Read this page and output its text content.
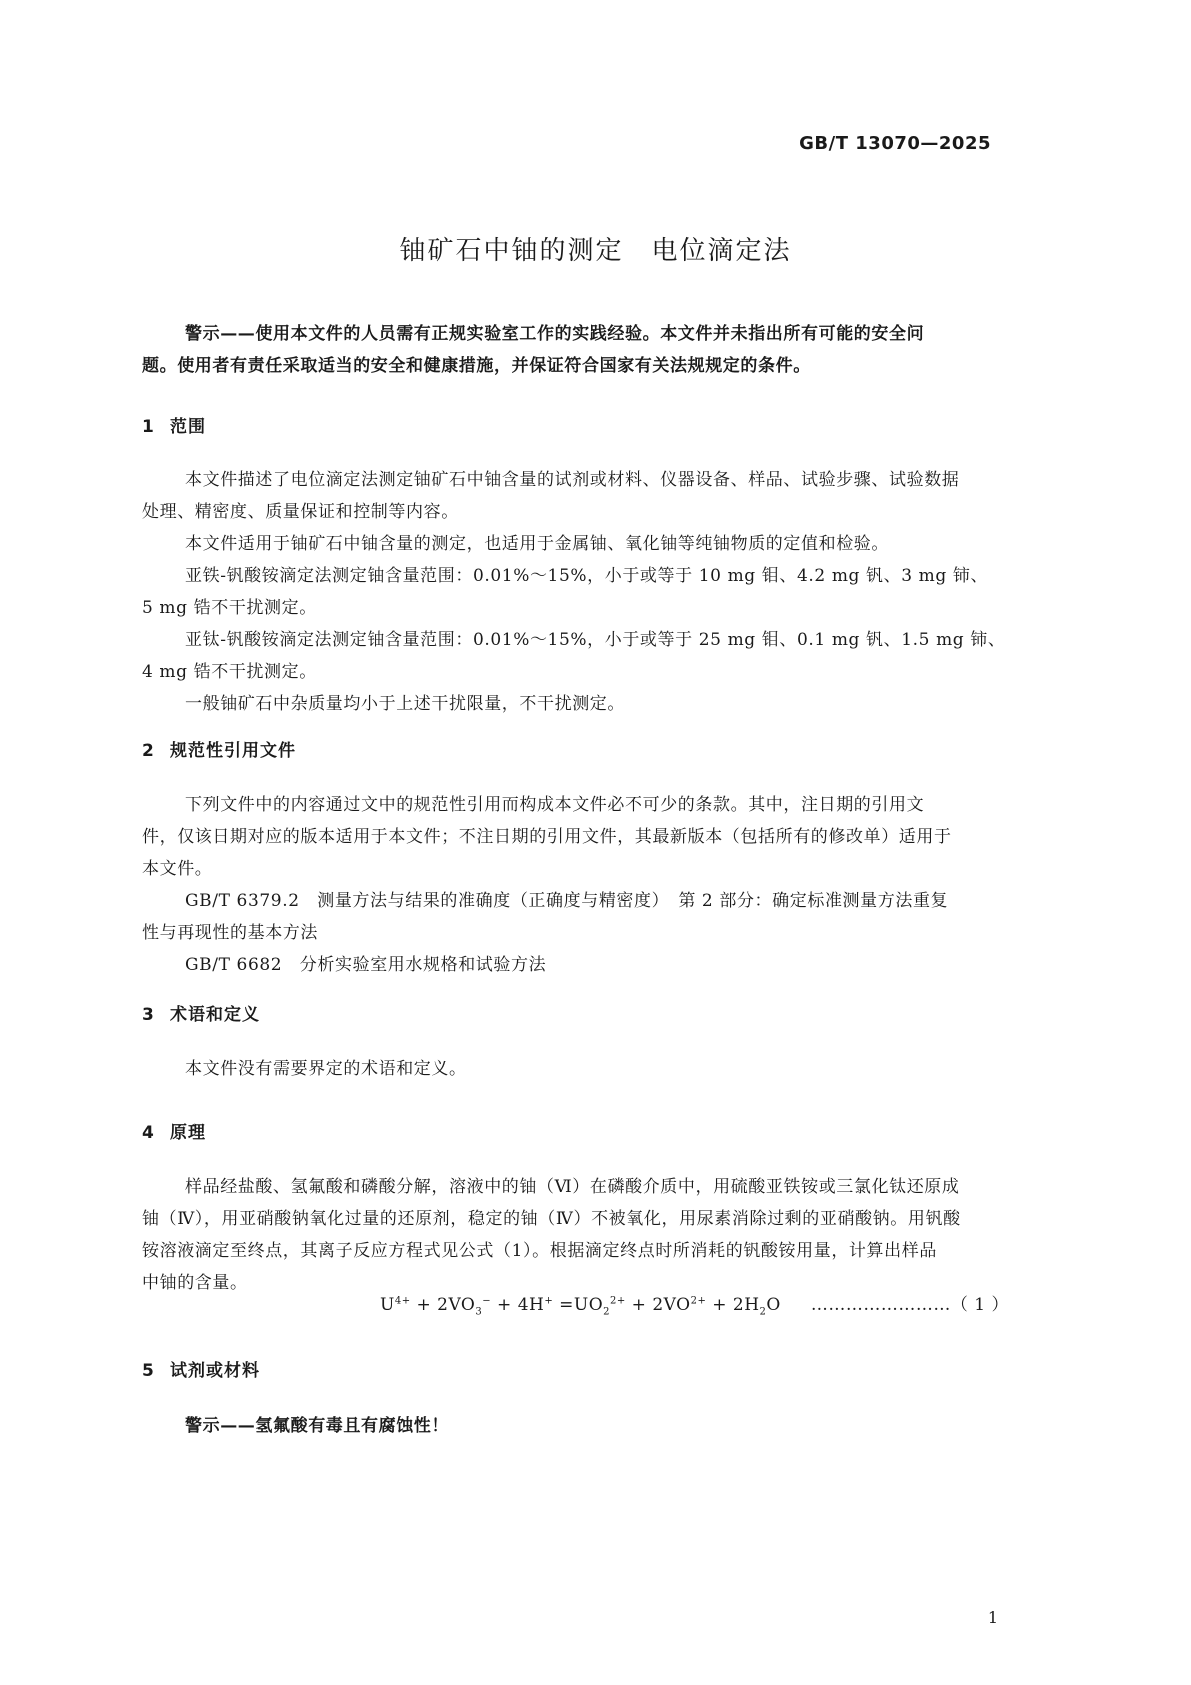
GB/T 13070—2025
铀矿石中铀的测定　电位滴定法
警示——使用本文件的人员需有正规实验室工作的实践经验。本文件并未指出所有可能的安全问
题。使用者有责任采取适当的安全和健康措施，并保证符合国家有关法规规定的条件。
1 范围
本文件描述了电位滴定法测定铀矿石中铀含量的试剂或材料、仪器设备、样品、试验步骤、试验数据
处理、精密度、质量保证和控制等内容。
本文件适用于铀矿石中铀含量的测定，也适用于金属铀、氧化铀等纯铀物质的定值和检验。
亚铁-钒酸铵滴定法测定铀含量范围：0.01%～15%，小于或等于 10 mg 钼、4.2 mg 钒、3 mg 铈、
5 mg 锆不干扰测定。
亚钛-钒酸铵滴定法测定铀含量范围：0.01%～15%，小于或等于 25 mg 钼、0.1 mg 钒、1.5 mg 铈、
4 mg 锆不干扰测定。
一般铀矿石中杂质量均小于上述干扰限量，不干扰测定。
2 规范性引用文件
下列文件中的内容通过文中的规范性引用而构成本文件必不可少的条款。其中，注日期的引用文
件，仅该日期对应的版本适用于本文件；不注日期的引用文件，其最新版本（包括所有的修改单）适用于
本文件。
GB/T 6379.2　测量方法与结果的准确度（正确度与精密度）　第 2 部分：确定标准测量方法重复
性与再现性的基本方法
GB/T 6682　分析实验室用水规格和试验方法
3 术语和定义
本文件没有需要界定的术语和定义。
4 原理
样品经盐酸、氢氟酸和磷酸分解，溶液中的铀（Ⅵ）在磷酸介质中，用硫酸亚铁铵或三氯化钛还原成
铀（Ⅳ），用亚硝酸钠氧化过量的还原剂，稳定的铀（Ⅳ）不被氧化，用尿素消除过剩的亚硝酸钠。用钒酸
铵溶液滴定至终点，其离子反应方程式见公式（1）。根据滴定终点时所消耗的钒酸铵用量，计算出样品
中铀的含量。
$U^{4+} + 2VO_3^- + 4H^+ =UO_2^{2+} + 2VO^{2+} + 2H_2O$ ……………………（ 1 ）
5 试剂或材料
警示——氢氟酸有毒且有腐蚀性！
1
